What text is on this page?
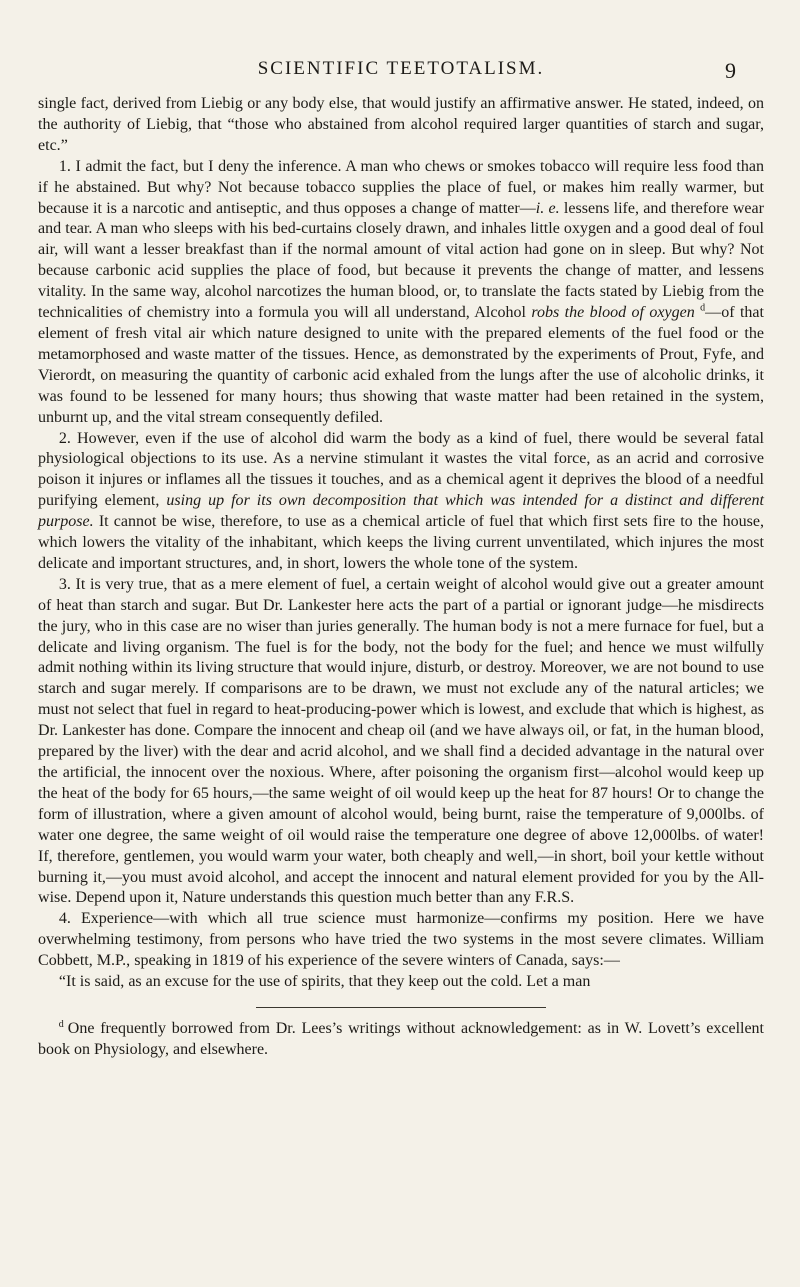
SCIENTIFIC TEETOTALISM.	9

single fact, derived from Liebig or any body else, that would justify an affirmative answer. He stated, indeed, on the authority of Liebig, that “those who abstained from alcohol required larger quantities of starch and sugar, etc.”

1. I admit the fact, but I deny the inference. A man who chews or smokes tobacco will require less food than if he abstained. But why? Not because tobacco supplies the place of fuel, or makes him really warmer, but because it is a narcotic and antiseptic, and thus opposes a change of matter—i. e. lessens life, and therefore wear and tear. A man who sleeps with his bed-curtains closely drawn, and inhales little oxygen and a good deal of foul air, will want a lesser breakfast than if the normal amount of vital action had gone on in sleep. But why? Not because carbonic acid supplies the place of food, but because it prevents the change of matter, and lessens vitality. In the same way, alcohol narcotizes the human blood, or, to translate the facts stated by Liebig from the technicalities of chemistry into a formula you will all understand, Alcohol robs the blood of oxygen $^d$—of that element of fresh vital air which nature designed to unite with the prepared elements of the fuel food or the metamorphosed and waste matter of the tissues. Hence, as demonstrated by the experiments of Prout, Fyfe, and Vierordt, on measuring the quantity of carbonic acid exhaled from the lungs after the use of alcoholic drinks, it was found to be lessened for many hours; thus showing that waste matter had been retained in the system, unburnt up, and the vital stream consequently defiled.

2. However, even if the use of alcohol did warm the body as a kind of fuel, there would be several fatal physiological objections to its use. As a nervine stimulant it wastes the vital force, as an acrid and corrosive poison it injures or inflames all the tissues it touches, and as a chemical agent it deprives the blood of a needful purifying element, using up for its own decomposition that which was intended for a distinct and different purpose. It cannot be wise, therefore, to use as a chemical article of fuel that which first sets fire to the house, which lowers the vitality of the inhabitant, which keeps the living current unventilated, which injures the most delicate and important structures, and, in short, lowers the whole tone of the system.

3. It is very true, that as a mere element of fuel, a certain weight of alcohol would give out a greater amount of heat than starch and sugar. But Dr. Lankester here acts the part of a partial or ignorant judge—he misdirects the jury, who in this case are no wiser than juries generally. The human body is not a mere furnace for fuel, but a delicate and living organism. The fuel is for the body, not the body for the fuel; and hence we must wilfully admit nothing within its living structure that would injure, disturb, or destroy. Moreover, we are not bound to use starch and sugar merely. If comparisons are to be drawn, we must not exclude any of the natural articles; we must not select that fuel in regard to heat-producing-power which is lowest, and exclude that which is highest, as Dr. Lankester has done. Compare the innocent and cheap oil (and we have always oil, or fat, in the human blood, prepared by the liver) with the dear and acrid alcohol, and we shall find a decided advantage in the natural over the artificial, the innocent over the noxious. Where, after poisoning the organism first—alcohol would keep up the heat of the body for 65 hours,—the same weight of oil would keep up the heat for 87 hours! Or to change the form of illustration, where a given amount of alcohol would, being burnt, raise the temperature of 9,000lbs. of water one degree, the same weight of oil would raise the temperature one degree of above 12,000lbs. of water! If, therefore, gentlemen, you would warm your water, both cheaply and well,—in short, boil your kettle without burning it,—you must avoid alcohol, and accept the innocent and natural element provided for you by the All-wise. Depend upon it, Nature understands this question much better than any F.R.S.

4. Experience—with which all true science must harmonize—confirms my position. Here we have overwhelming testimony, from persons who have tried the two systems in the most severe climates. William Cobbett, M.P., speaking in 1819 of his experience of the severe winters of Canada, says:—

“It is said, as an excuse for the use of spirits, that they keep out the cold. Let a man

$^d$ One frequently borrowed from Dr. Lees’s writings without acknowledgement: as in W. Lovett’s excellent book on Physiology, and elsewhere.
